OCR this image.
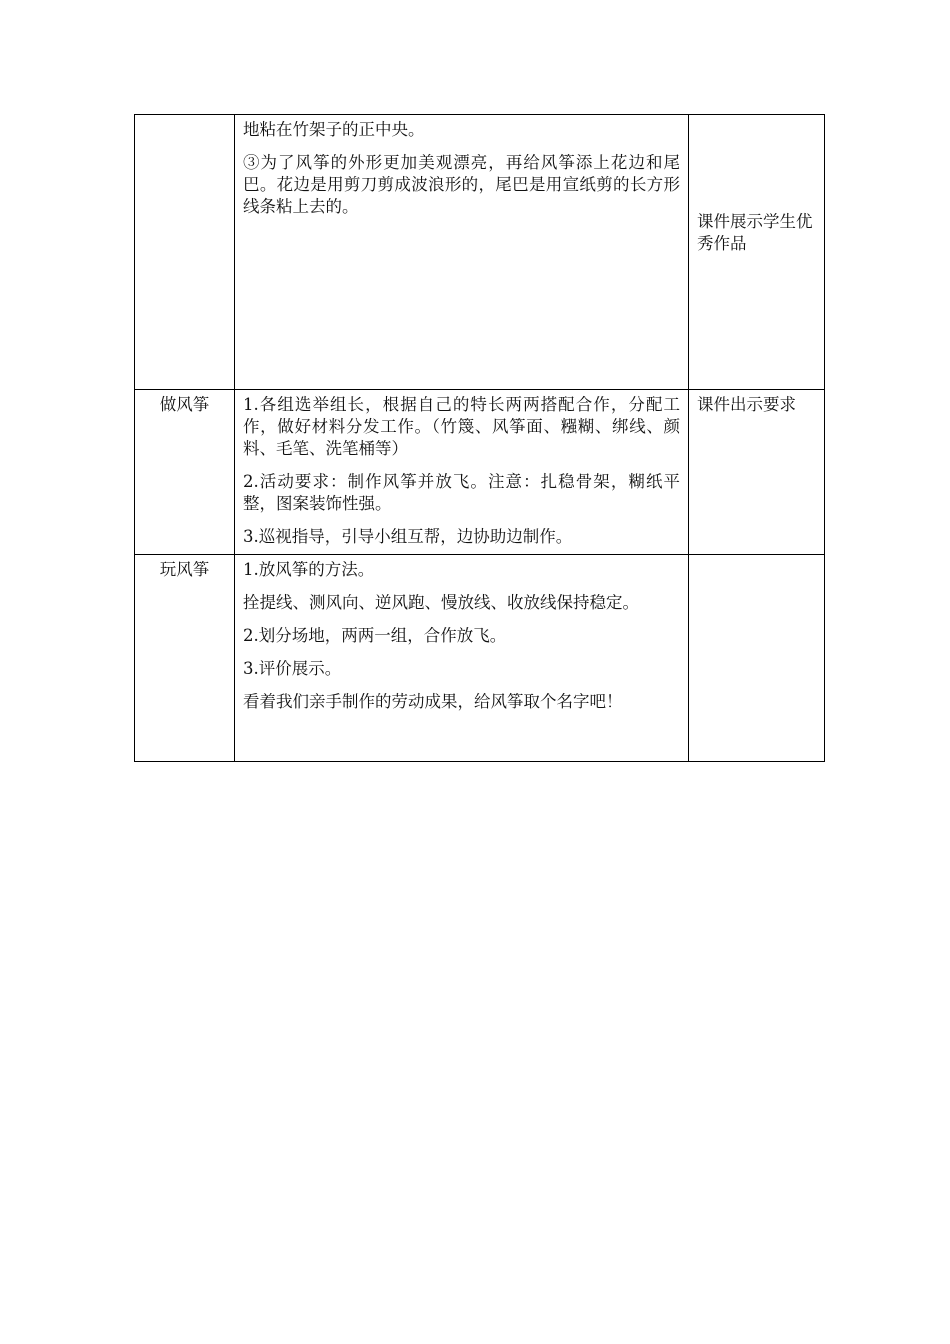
	地粘在竹架子的正中央。

③为了风筝的外形更加美观漂亮，再给风筝添上花边和尾巴。花边是用剪刀剪成波浪形的，尾巴是用宣纸剪的长方形线条粘上去的。	课件展示学生优秀作品
做风筝	1.各组选举组长，根据自己的特长两两搭配合作，分配工作，做好材料分发工作。（竹篾、风筝面、糨糊、绑线、颜料、毛笔、洗笔桶等）

2.活动要求：制作风筝并放飞。注意：扎稳骨架，糊纸平整，图案装饰性强。

3.巡视指导，引导小组互帮，边协助边制作。	课件出示要求
玩风筝	1.放风筝的方法。

拴提线、测风向、逆风跑、慢放线、收放线保持稳定。

2.划分场地，两两一组，合作放飞。

3.评价展示。

看着我们亲手制作的劳动成果，给风筝取个名字吧！	
